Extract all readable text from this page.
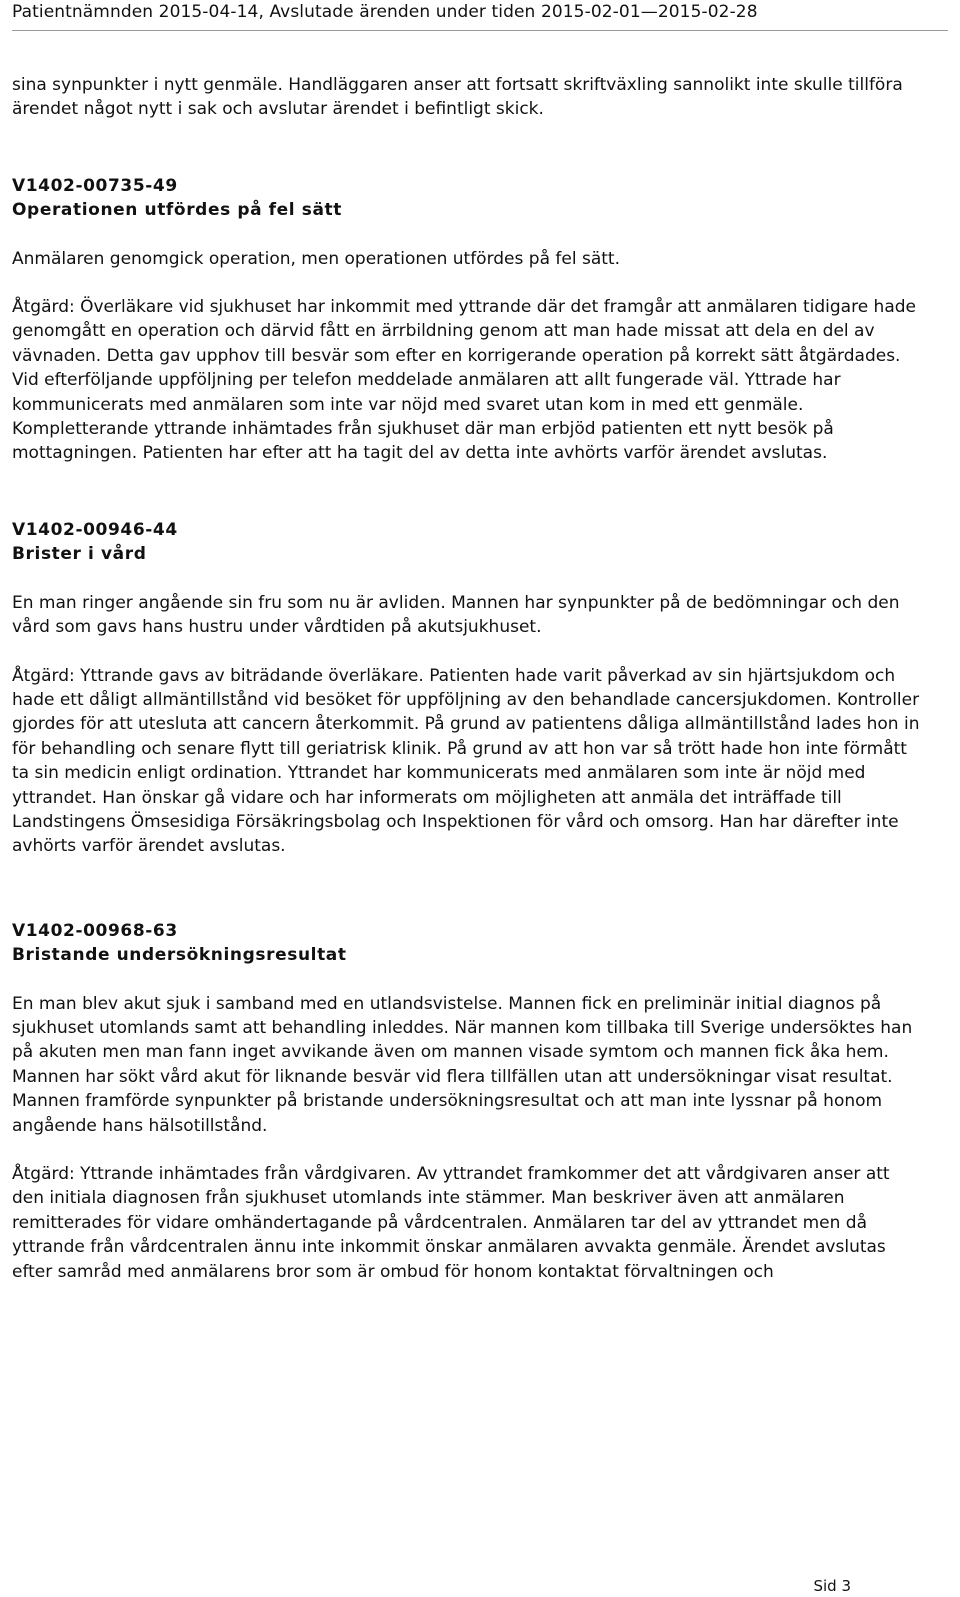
Patientnämnden 2015-04-14, Avslutade ärenden under tiden 2015-02-01—2015-02-28

sina synpunkter i nytt genmäle. Handläggaren anser att fortsatt skriftväxling sannolikt inte skulle tillföra ärendet något nytt i sak och avslutar ärendet i befintligt skick.

V1402-00735-49

Operationen utfördes på fel sätt

Anmälaren genomgick operation, men operationen utfördes på fel sätt.

Åtgärd: Överläkare vid sjukhuset har inkommit med yttrande där det framgår att anmälaren tidigare hade genomgått en operation och därvid fått en ärrbildning genom att man hade missat att dela en del av vävnaden. Detta gav upphov till besvär som efter en korrigerande operation på korrekt sätt åtgärdades. Vid efterföljande uppföljning per telefon meddelade anmälaren att allt fungerade väl. Yttrade har kommunicerats med anmälaren som inte var nöjd med svaret utan kom in med ett genmäle. Kompletterande yttrande inhämtades från sjukhuset där man erbjöd patienten ett nytt besök på mottagningen. Patienten har efter att ha tagit del av detta inte avhörts varför ärendet avslutas.

V1402-00946-44

Brister i vård

En man ringer angående sin fru som nu är avliden. Mannen har synpunkter på de bedömningar och den vård som gavs hans hustru under vårdtiden på akutsjukhuset.

Åtgärd: Yttrande gavs av biträdande överläkare. Patienten hade varit påverkad av sin hjärtsjukdom och hade ett dåligt allmäntillstånd vid besöket för uppföljning av den behandlade cancersjukdomen. Kontroller gjordes för att utesluta att cancern återkommit. På grund av patientens dåliga allmäntillstånd lades hon in för behandling och senare flytt till geriatrisk klinik. På grund av att hon var så trött hade hon inte förmått ta sin medicin enligt ordination. Yttrandet har kommunicerats med anmälaren som inte är nöjd med yttrandet. Han önskar gå vidare och har informerats om möjligheten att anmäla det inträffade till Landstingens Ömsesidiga Försäkringsbolag och Inspektionen för vård och omsorg. Han har därefter inte avhörts varför ärendet avslutas.

V1402-00968-63

Bristande undersökningsresultat

En man blev akut sjuk i samband med en utlandsvistelse. Mannen fick en preliminär initial diagnos på sjukhuset utomlands samt att behandling inleddes. När mannen kom tillbaka till Sverige undersöktes han på akuten men man fann inget avvikande även om mannen visade symtom och mannen fick åka hem. Mannen har sökt vård akut för liknande besvär vid flera tillfällen utan att undersökningar visat resultat. Mannen framförde synpunkter på bristande undersökningsresultat och att man inte lyssnar på honom angående hans hälsotillstånd.

Åtgärd: Yttrande inhämtades från vårdgivaren. Av yttrandet framkommer det att vårdgivaren anser att den initiala diagnosen från sjukhuset utomlands inte stämmer. Man beskriver även att anmälaren remitterades för vidare omhändertagande på vårdcentralen. Anmälaren tar del av yttrandet men då yttrande från vårdcentralen ännu inte inkommit önskar anmälaren avvakta genmäle. Ärendet avslutas efter samråd med anmälarens bror som är ombud för honom kontaktat förvaltningen och

Sid 3
